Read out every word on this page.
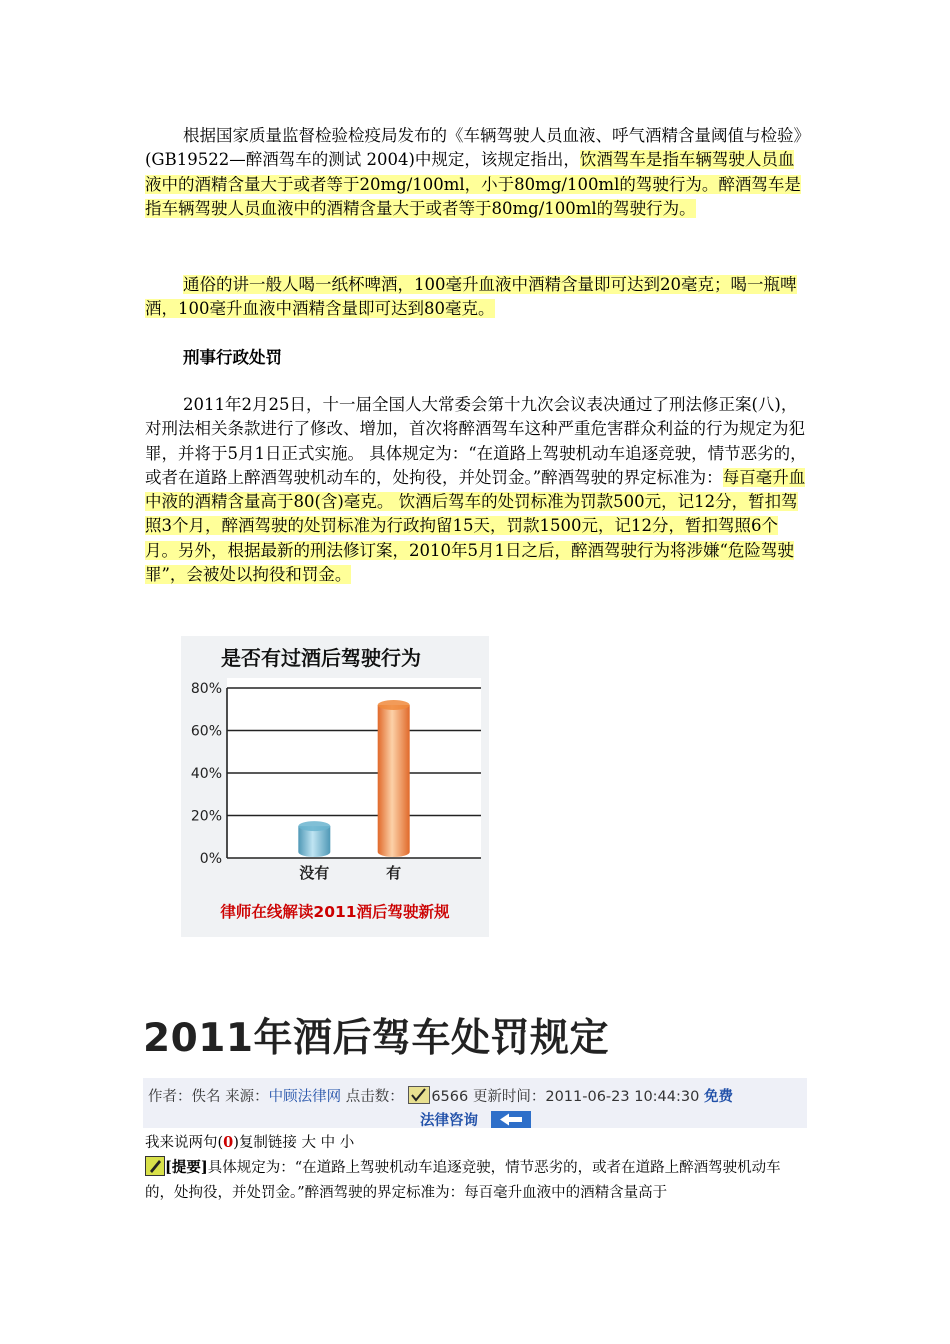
根据国家质量监督检验检疫局发布的《车辆驾驶人员血液、呼气酒精含量阈值与检验》(GB19522—醉酒驾车的测试 2004)中规定，该规定指出，饮酒驾车是指车辆驾驶人员血液中的酒精含量大于或者等于20mg/100ml，小于80mg/100ml的驾驶行为。醉酒驾车是指车辆驾驶人员血液中的酒精含量大于或者等于80mg/100ml的驾驶行为。

通俗的讲一般人喝一纸杯啤酒，100毫升血液中酒精含量即可达到20毫克；喝一瓶啤酒，100毫升血液中酒精含量即可达到80毫克。

刑事行政处罚

2011年2月25日，十一届全国人大常委会第十九次会议表决通过了刑法修正案(八)，对刑法相关条款进行了修改、增加，首次将醉酒驾车这种严重危害群众利益的行为规定为犯罪，并将于5月1日正式实施。 具体规定为：“在道路上驾驶机动车追逐竞驶，情节恶劣的，或者在道路上醉酒驾驶机动车的，处拘役，并处罚金。”醉酒驾驶的界定标准为：每百毫升血中液的酒精含量高于80(含)毫克。 饮酒后驾车的处罚标准为罚款500元，记12分，暂扣驾照3个月，醉酒驾驶的处罚标准为行政拘留15天，罚款1500元，记12分，暂扣驾照6个月。另外，根据最新的刑法修订案，2010年5月1日之后，醉酒驾驶行为将涉嫌“危险驾驶罪”，会被处以拘役和罚金。

是否有过酒后驾驶行为
0%
20%
40%
60%
80%
没有	有
律师在线解读2011酒后驾驶新规
2011年酒后驾车处罚规定
作者：佚名 来源：中顾法律网 点击数： 6566 更新时间：2011-06-23 10:44:30 免费
法律咨询
我来说两句(0)复制链接 大 中 小

[提要]具体规定为：“在道路上驾驶机动车追逐竞驶，情节恶劣的，或者在道路上醉酒驾驶机动车的，处拘役，并处罚金。”醉酒驾驶的界定标准为：每百毫升血液中的酒精含量高于
